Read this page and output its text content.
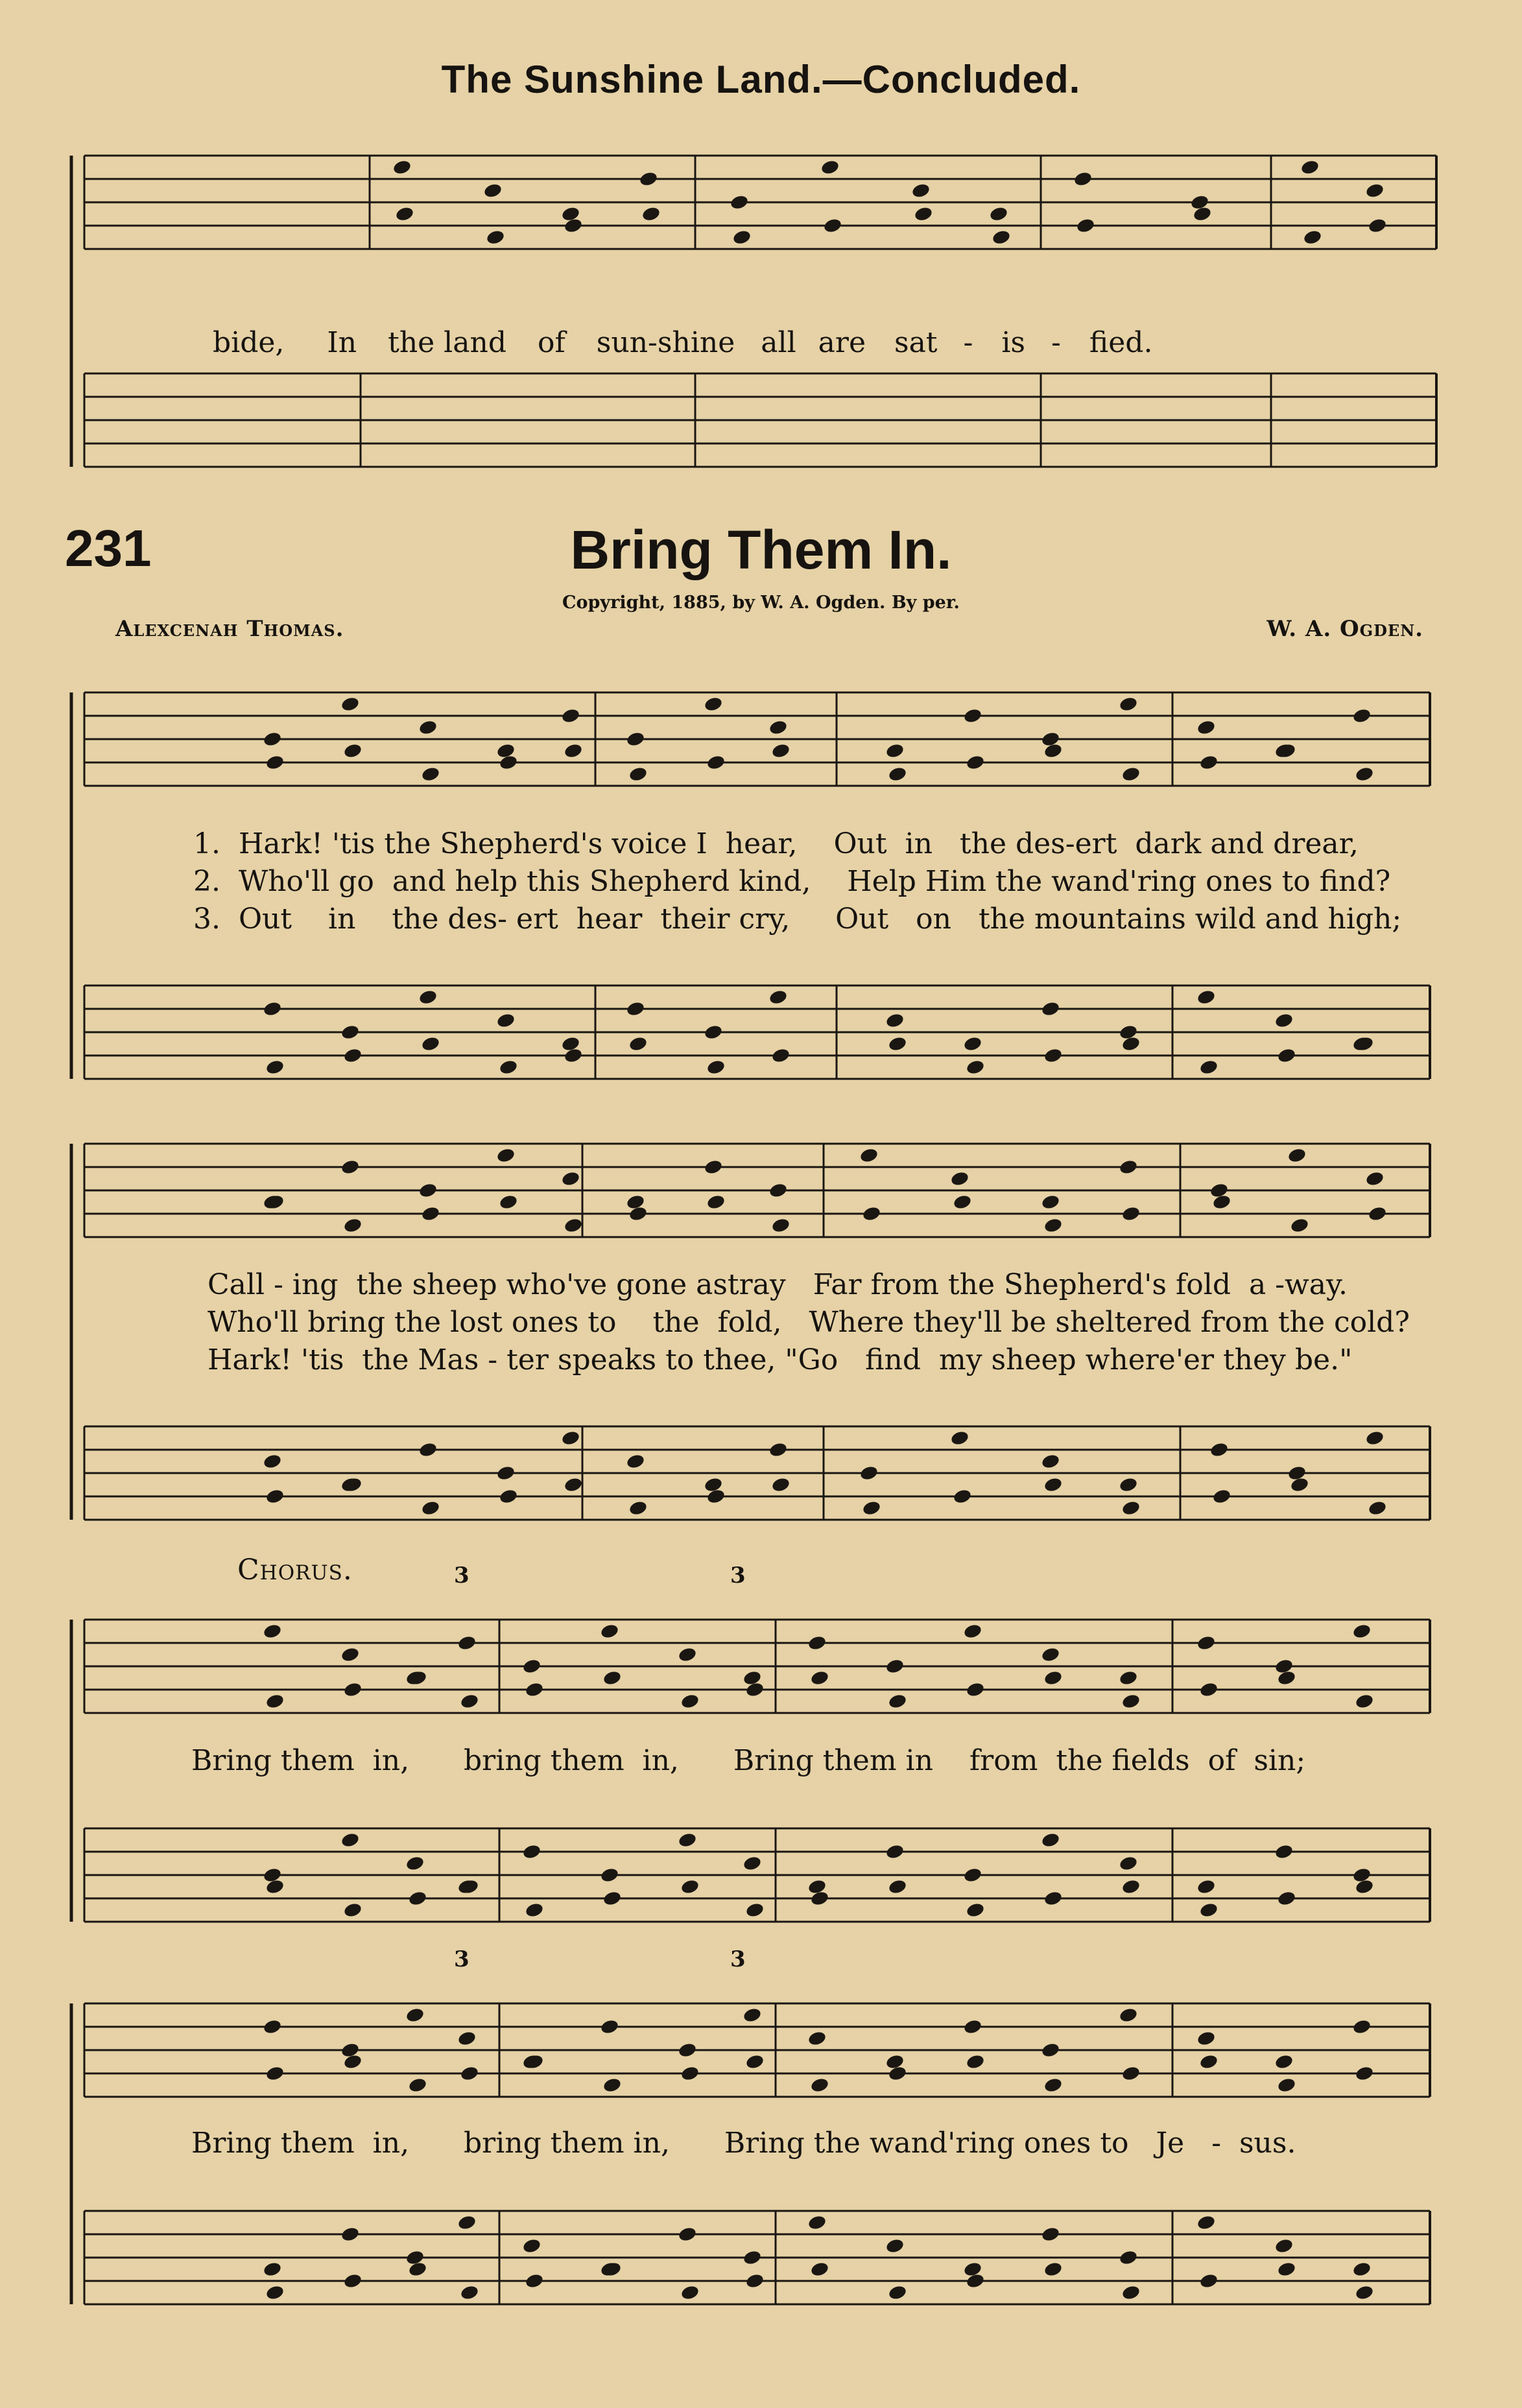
The Sunshine Land.—Concluded.

bide, In the land of sun-shine all are sat - is - fied.

231	Bring Them In.
Copyright, 1885, by W. A. Ogden. By per.
Alexcenah Thomas.	W. A. Ogden.
1.  Hark! 'tis the Shepherd's voice I  hear,    Out  in   the des-ert  dark and drear,
2.  Who'll go  and help this Shepherd kind,    Help Him the wand'ring ones to find?
3.  Out    in    the des- ert  hear  their cry,     Out   on   the mountains wild and high;
Call - ing  the sheep who've gone astray   Far from the Shepherd's fold  a -way.
Who'll bring the lost ones to    the  fold,   Where they'll be sheltered from the cold?
Hark! 'tis  the Mas - ter speaks to thee, "Go   find  my sheep where'er they be."
Chorus.
Bring them  in,      bring them  in,      Bring them in    from  the fields  of  sin;
Bring them  in,      bring them in,      Bring the wand'ring ones to   Je   -  sus.
3	3
3	3
